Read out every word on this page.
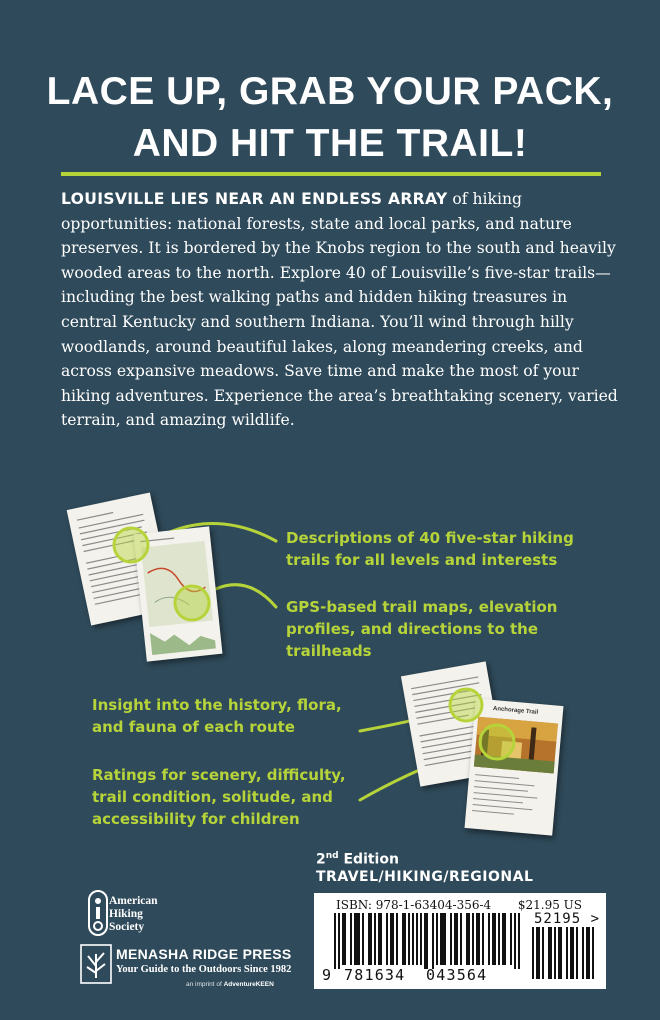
LACE UP, GRAB YOUR PACK,
AND HIT THE TRAIL!

LOUISVILLE LIES NEAR AN ENDLESS ARRAY of hiking opportunities: national forests, state and local parks, and nature preserves. It is bordered by the Knobs region to the south and heavily wooded areas to the north. Explore 40 of Louisville’s five-star trails—including the best walking paths and hidden hiking treasures in central Kentucky and southern Indiana. You’ll wind through hilly woodlands, around beautiful lakes, along meandering creeks, and across expansive meadows. Save time and make the most of your hiking adventures. Experience the area’s breathtaking scenery, varied terrain, and amazing wildlife.

Anchorage Trail

Descriptions of 40 five-star hiking trails for all levels and interests

GPS-based trail maps, elevation profiles, and directions to the trailheads

Insight into the history, flora, and fauna of each route

Ratings for scenery, difficulty, trail condition, solitude, and accessibility for children

2nd Edition
TRAVEL/HIKING/REGIONAL
ISBN: 978-1-63404-356-4 $21.95 US
52195 >
9 781634 043564
American
Hiking
Society
MENASHA RIDGE PRESS
Your Guide to the Outdoors Since 1982
an imprint of AdventureKEEN
